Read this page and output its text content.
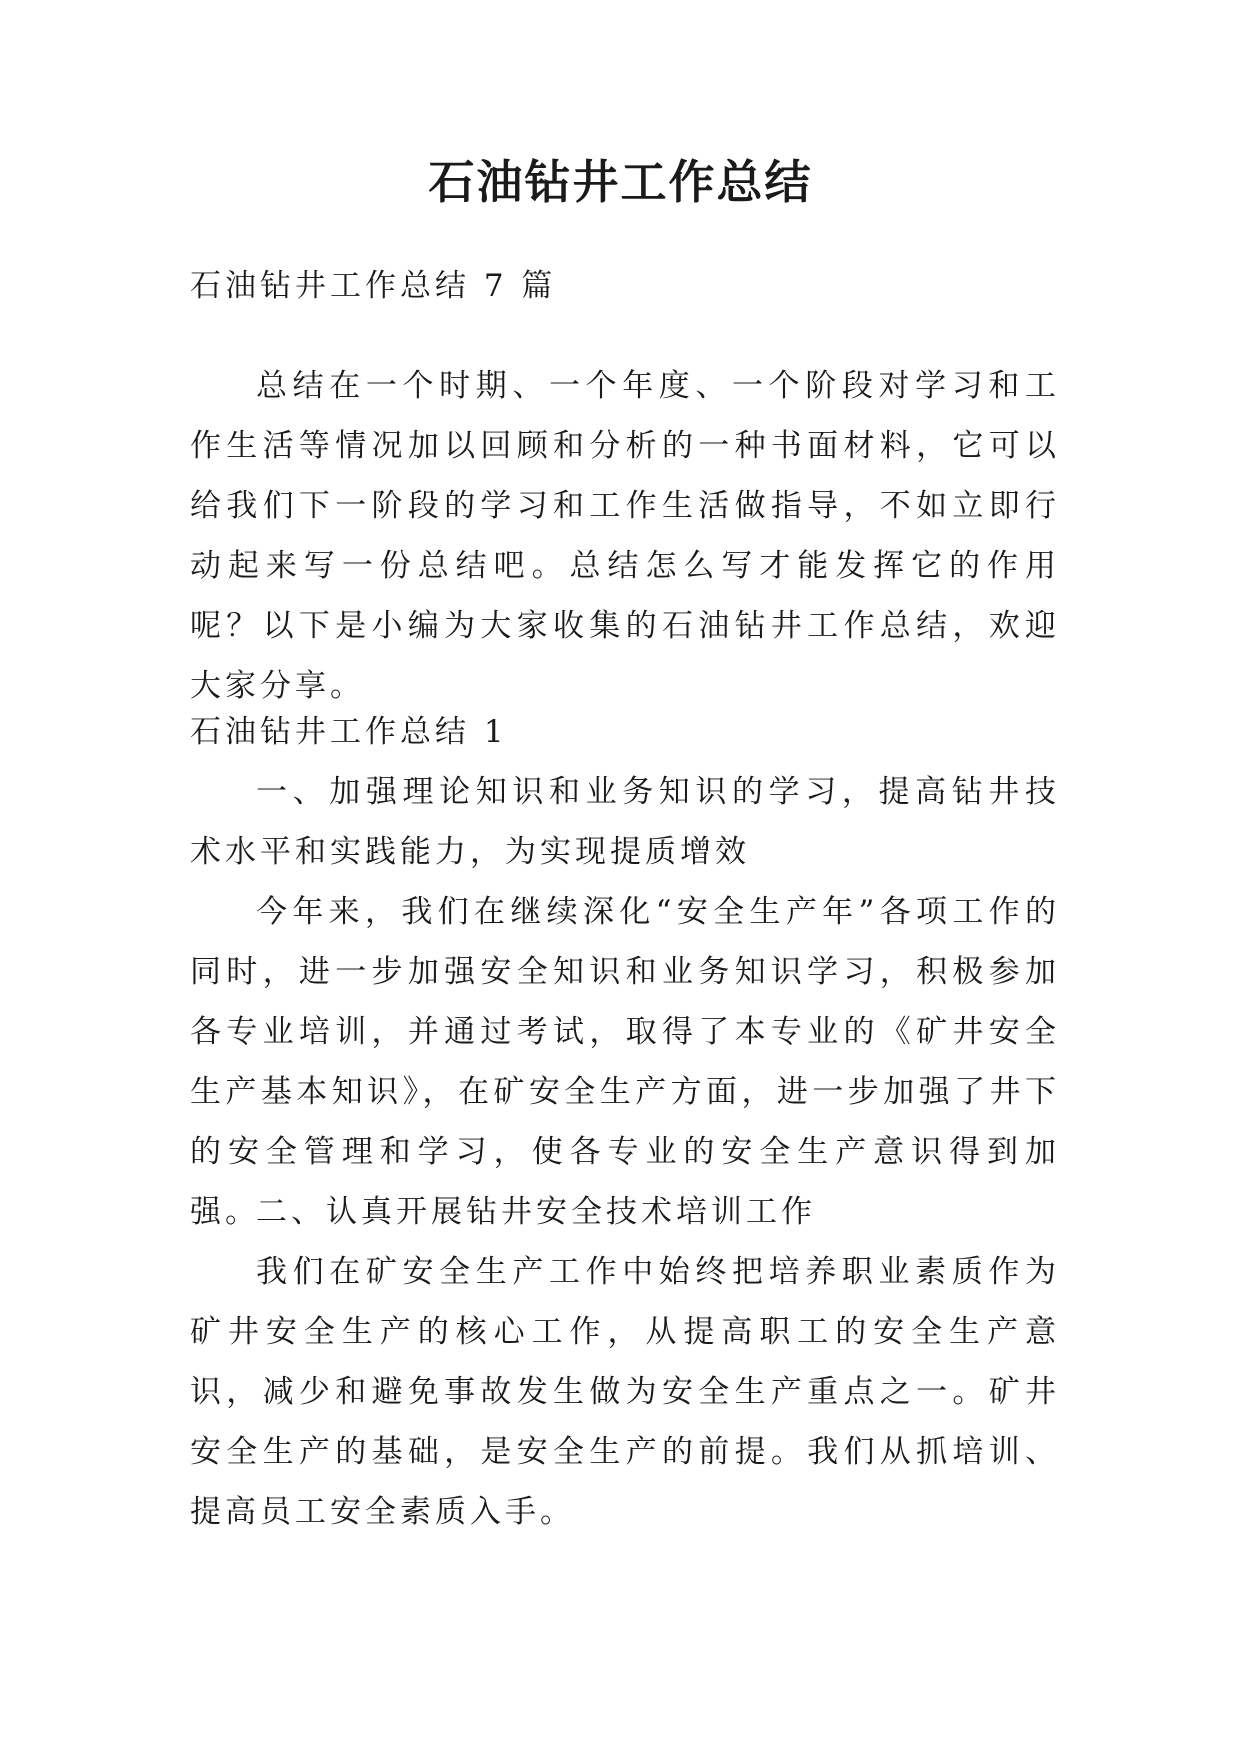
石油钻井工作总结

石油钻井工作总结 7 篇

总结在一个时期、一个年度、一个阶段对学习和工作生活等情况加以回顾和分析的一种书面材料，它可以给我们下一阶段的学习和工作生活做指导，不如立即行动起来写一份总结吧。总结怎么写才能发挥它的作用呢？以下是小编为大家收集的石油钻井工作总结，欢迎大家分享。

石油钻井工作总结 1

一、加强理论知识和业务知识的学习，提高钻井技术水平和实践能力，为实现提质增效

今年来，我们在继续深化“安全生产年”各项工作的同时，进一步加强安全知识和业务知识学习，积极参加各专业培训，并通过考试，取得了本专业的《矿井安全生产基本知识》，在矿安全生产方面，进一步加强了井下的安全管理和学习，使各专业的安全生产意识得到加强。

二、认真开展钻井安全技术培训工作

我们在矿安全生产工作中始终把培养职业素质作为矿井安全生产的核心工作，从提高职工的安全生产意识，减少和避免事故发生做为安全生产重点之一。矿井安全生产的基础，是安全生产的前提。我们从抓培训、提高员工安全素质入手。
